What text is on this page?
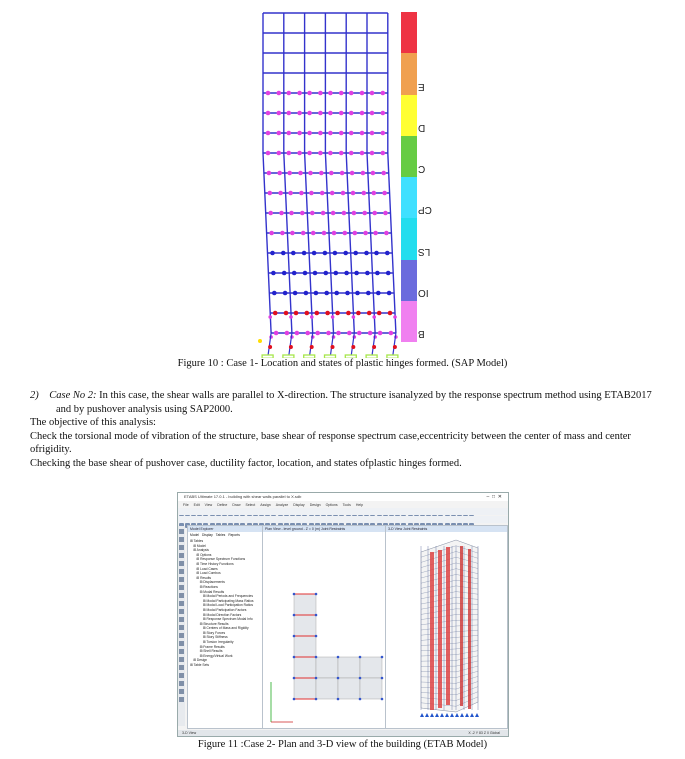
Figure 10 : Case 1- Location and states of plastic hinges formed. (SAP Model)

2) Case No 2: In this case, the shear walls are parallel to X-direction. The structure isanalyzed by the response spectrum method using ETAB2017 and by pushover analysis using SAP2000.

The objective of this analysis:

Check the torsional mode of vibration of the structure, base shear of response spectrum case,eccentricity between the center of mass and center ofrigidity.

Checking the base shear of pushover case, ductility factor, location, and states ofplastic hinges formed.

ETABS Ultimate 17.0.1 - building with shear walls parallel to X.sdb	–  □  ✕
File Edit View Define Draw Select Assign Analyze Display Design Options Tools Help
Model Explorer
Model Display Tables Reports
⊞ Tables
⊞ Model
⊞ Analysis
⊞ Options
⊞ Response Spectrum Functions
⊞ Time History Functions
⊞ Load Cases
⊞ Load Combos
⊞ Results
⊞ Displacements
⊞ Reactions
⊞ Modal Results
⊞ Modal Periods and Frequencies
⊞ Modal Participating Mass Ratios
⊞ Modal Load Participation Ratios
⊞ Modal Participation Factors
⊞ Modal Direction Factors
⊞ Response Spectrum Modal Info
⊞ Structure Results
⊞ Centers of Mass and Rigidity
⊞ Story Forces
⊞ Story Stiffness
⊞ Torsion Irregularity
⊞ Frame Results
⊞ Shell Results
⊞ Energy/Virtual Work
⊞ Design
⊞ Table Sets
Plan View - level ground - Z = 0 (m) Joint Restraints	3-D View Joint Restraints
3-D View	X -2 Y 83 Z 0 Global
Figure 11 :Case 2- Plan and 3-D view of the building (ETAB Model)
E
D
C
CP
LS
IO
B
